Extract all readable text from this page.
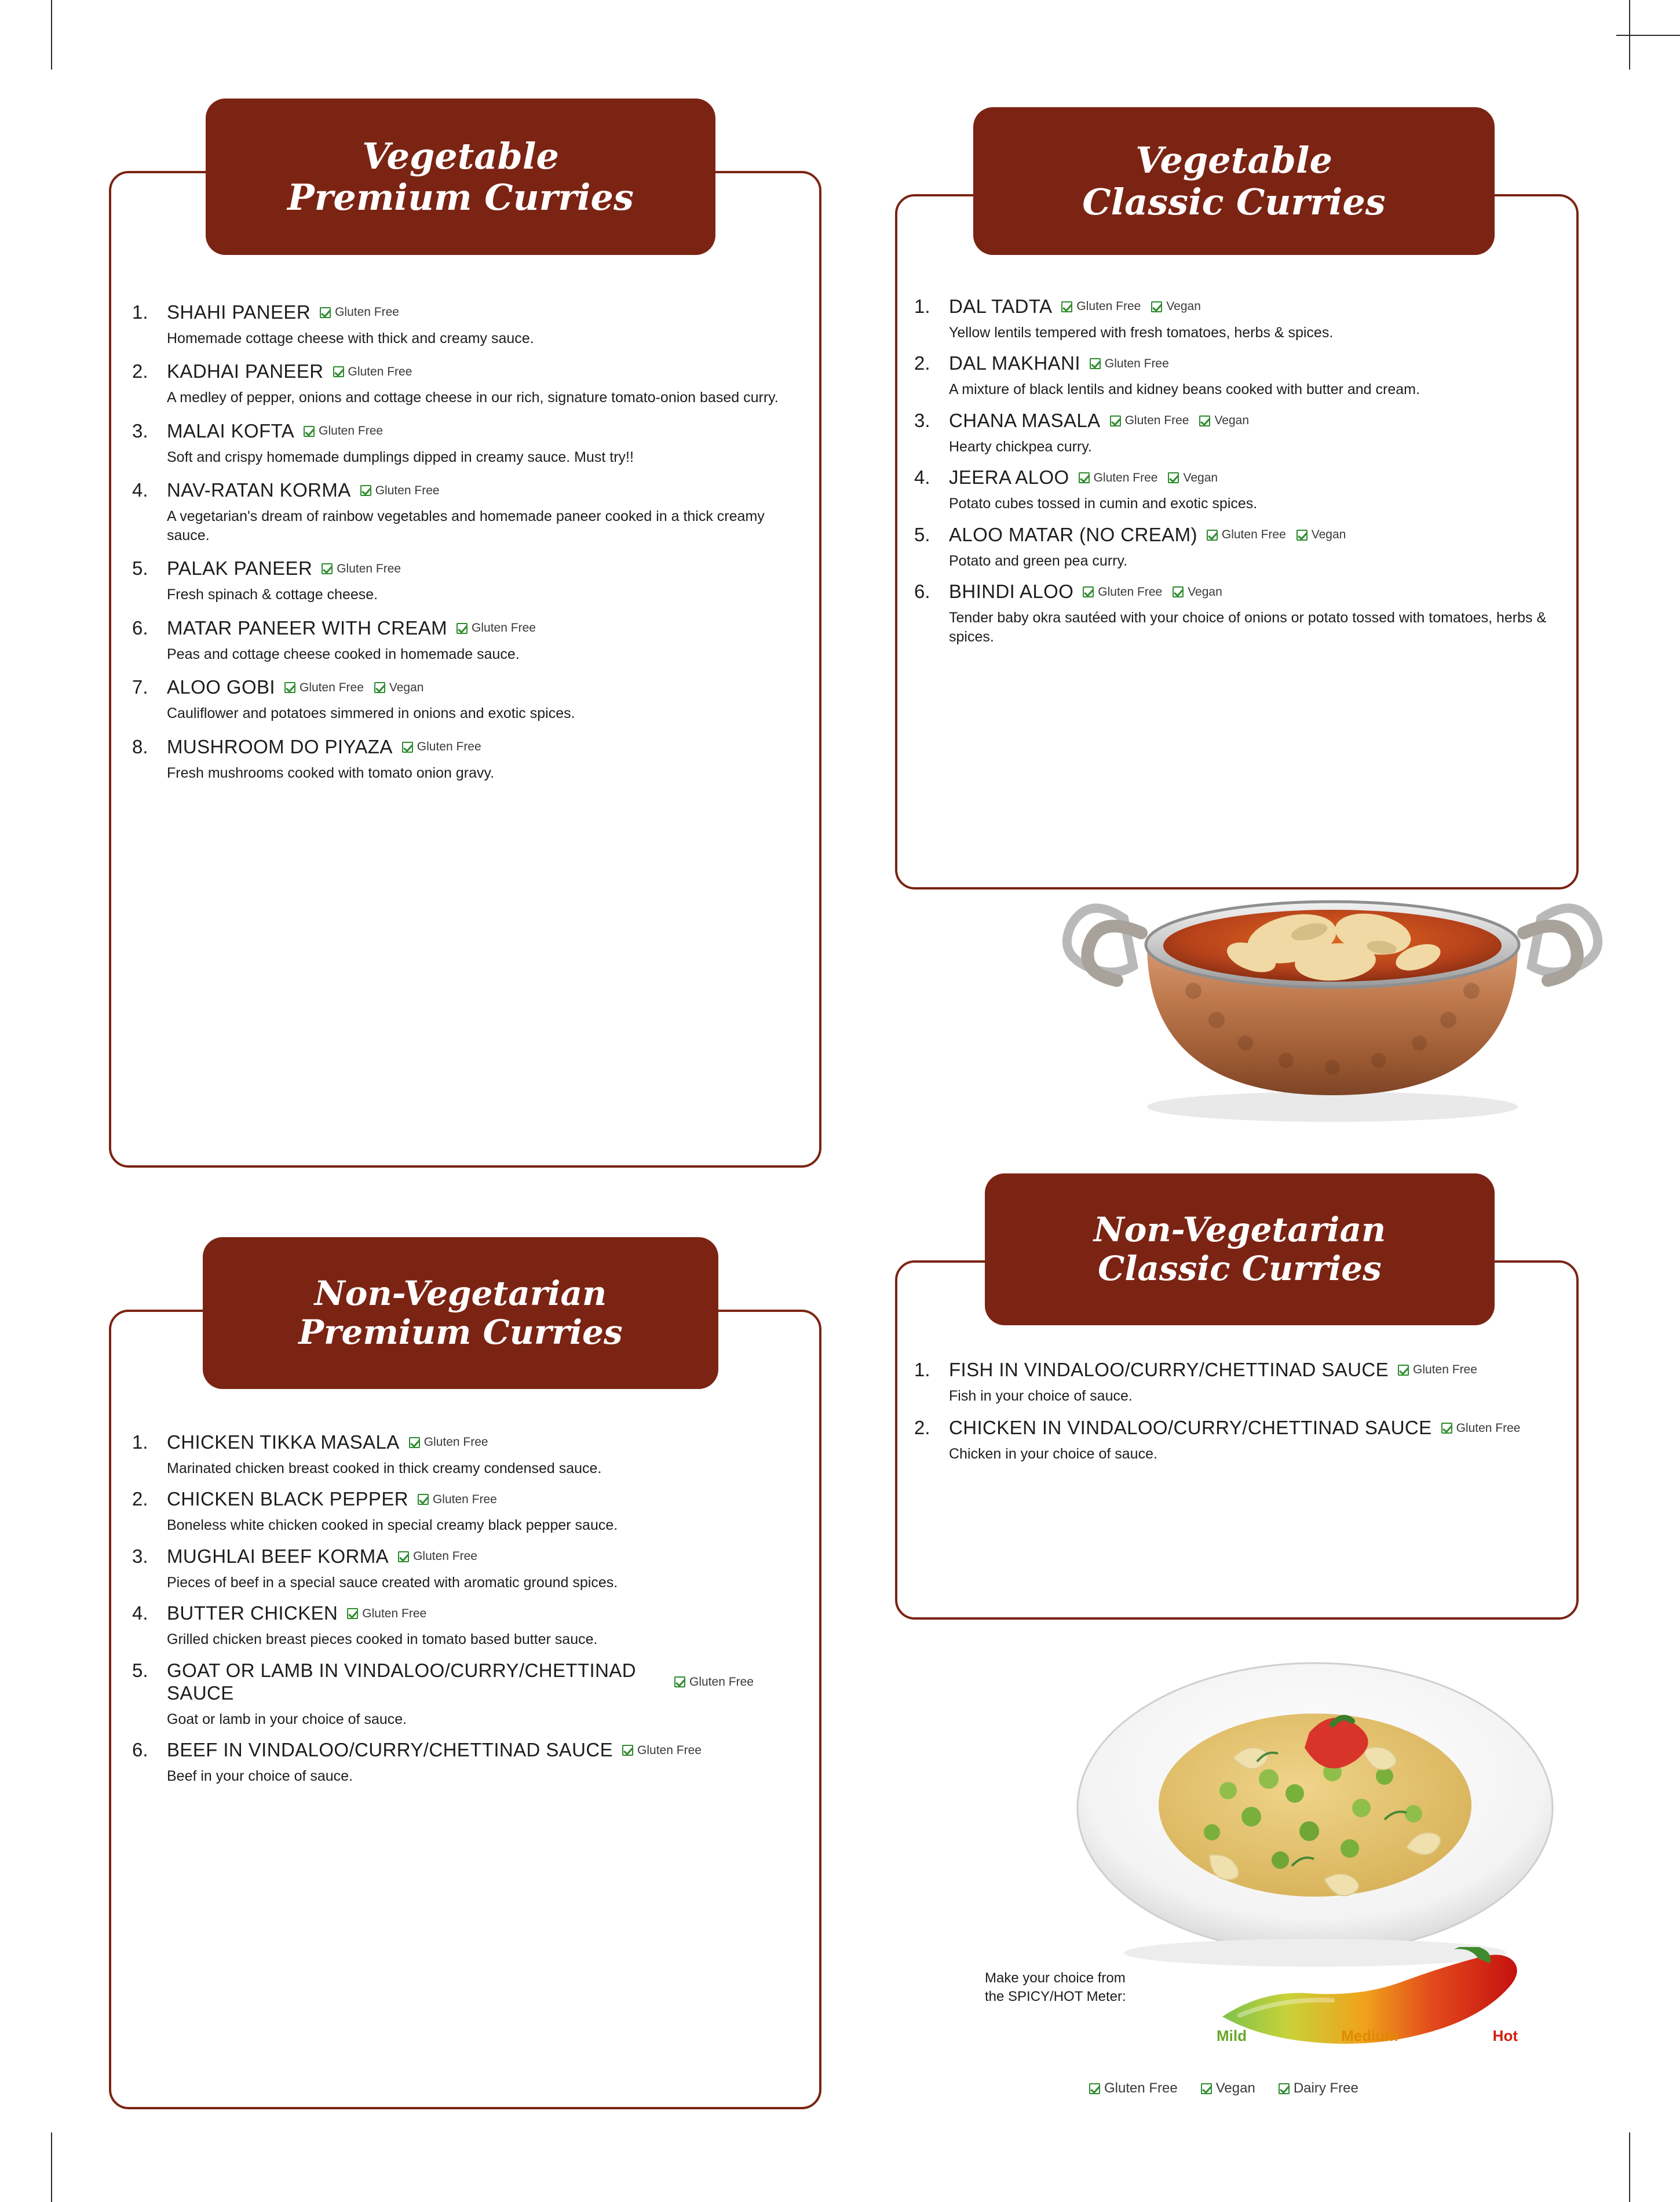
Vegetable
Premium Curries
1. SHAHI PANEER Gluten Free
Homemade cottage cheese with thick and creamy sauce.
2. KADHAI PANEER Gluten Free
A medley of pepper, onions and cottage cheese in our rich, signature tomato-onion based curry.
3. MALAI KOFTA Gluten Free
Soft and crispy homemade dumplings dipped in creamy sauce. Must try!!
4. NAV-RATAN KORMA Gluten Free
A vegetarian's dream of rainbow vegetables and homemade paneer cooked in a thick creamy sauce.
5. PALAK PANEER Gluten Free
Fresh spinach & cottage cheese.
6. MATAR PANEER WITH CREAM Gluten Free
Peas and cottage cheese cooked in homemade sauce.
7. ALOO GOBI Gluten Free Vegan
Cauliflower and potatoes simmered in onions and exotic spices.
8. MUSHROOM DO PIYAZA Gluten Free
Fresh mushrooms cooked with tomato onion gravy.
Vegetable
Classic Curries
1. DAL TADTA Gluten Free Vegan
Yellow lentils tempered with fresh tomatoes, herbs & spices.
2. DAL MAKHANI Gluten Free
A mixture of black lentils and kidney beans cooked with butter and cream.
3. CHANA MASALA Gluten Free Vegan
Hearty chickpea curry.
4. JEERA ALOO Gluten Free Vegan
Potato cubes tossed in cumin and exotic spices.
5. ALOO MATAR (NO CREAM) Gluten Free Vegan
Potato and green pea curry.
6. BHINDI ALOO Gluten Free Vegan
Tender baby okra sautéed with your choice of onions or potato tossed with tomatoes, herbs & spices.
Non-Vegetarian
Premium Curries
1. CHICKEN TIKKA MASALA Gluten Free
Marinated chicken breast cooked in thick creamy condensed sauce.
2. CHICKEN BLACK PEPPER Gluten Free
Boneless white chicken cooked in special creamy black pepper sauce.
3. MUGHLAI BEEF KORMA Gluten Free
Pieces of beef in a special sauce created with aromatic ground spices.
4. BUTTER CHICKEN Gluten Free
Grilled chicken breast pieces cooked in tomato based butter sauce.
5. GOAT OR LAMB IN VINDALOO/CURRY/CHETTINAD SAUCE
Gluten Free
Goat or lamb in your choice of sauce.
6. BEEF IN VINDALOO/CURRY/CHETTINAD SAUCE Gluten Free
Beef in your choice of sauce.
Non-Vegetarian
Classic Curries
1. FISH IN VINDALOO/CURRY/CHETTINAD SAUCE Gluten Free
Fish in your choice of sauce.
2. CHICKEN IN VINDALOO/CURRY/CHETTINAD SAUCE Gluten Free
Chicken in your choice of sauce.
Make your choice from
the SPICY/HOT Meter:
Mild	Medium	Hot
Gluten Free	Vegan	Dairy Free
